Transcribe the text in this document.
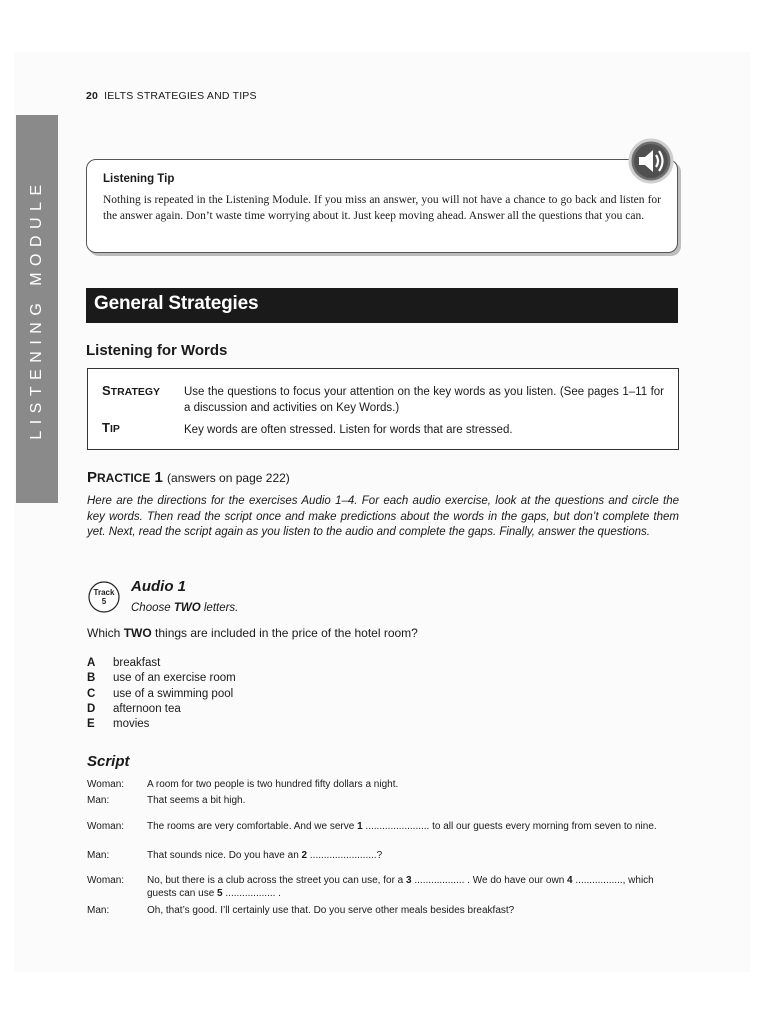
LISTENING MODULE
20 IELTS STRATEGIES AND TIPS
Listening Tip
Nothing is repeated in the Listening Module. If you miss an answer, you will not have a chance to go back and listen for the answer again. Don’t waste time worrying about it. Just keep moving ahead. Answer all the questions that you can.
General Strategies
Listening for Words
STRATEGY Use the questions to focus your attention on the key words as you listen. (See pages 1–11 for a discussion and activities on Key Words.)
TIP	Key words are often stressed. Listen for words that are stressed.
PRACTICE 1 (answers on page 222)
Here are the directions for the exercises Audio 1–4. For each audio exercise, look at the questions and circle the key words. Then read the script once and make predictions about the words in the gaps, but don’t complete them yet. Next, read the script again as you listen to the audio and complete the gaps. Finally, answer the questions.
Track
5
Audio 1
Choose TWO letters.
Which TWO things are included in the price of the hotel room?
A breakfast
B use of an exercise room
C use of a swimming pool
D afternoon tea
E movies
Script
Woman:	A room for two people is two hundred fifty dollars a night.
Man:	That seems a bit high.
Woman:	The rooms are very comfortable. And we serve 1 ....................... to all our guests every morning from seven to nine.
Man:	That sounds nice. Do you have an 2 ........................?
Woman:	No, but there is a club across the street you can use, for a 3 .................. . We do have our own 4 ................., which guests can use 5 .................. .
Man:	Oh, that’s good. I’ll certainly use that. Do you serve other meals besides breakfast?
